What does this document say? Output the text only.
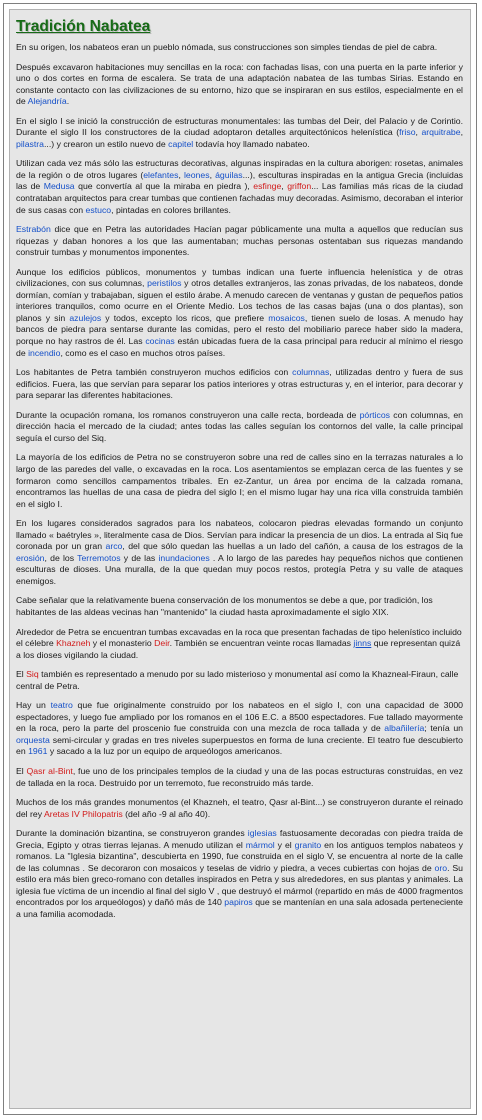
Tradición Nabatea

En su origen, los nabateos eran un pueblo nómada, sus construcciones son simples tiendas de piel de cabra.

Después excavaron habitaciones muy sencillas en la roca: con fachadas lisas, con una puerta en la parte inferior y uno o dos cortes en forma de escalera. Se trata de una adaptación nabatea de las tumbas Sirias. Estando en constante contacto con las civilizaciones de su entorno, hizo que se inspiraran en sus estilos, especialmente en el de Alejandría.

En el siglo I se inició la construcción de estructuras monumentales: las tumbas del Deir, del Palacio y de Corintio. Durante el siglo II los constructores de la ciudad adoptaron detalles arquitectónicos helenística (friso, arquitrabe, pilastra...) y crearon un estilo nuevo de capitel todavía hoy llamado nabateo.

Utilizan cada vez más sólo las estructuras decorativas, algunas inspiradas en la cultura aborigen: rosetas, animales de la región o de otros lugares (elefantes, leones, águilas...), esculturas inspiradas en la antigua Grecia (incluidas las de Medusa que convertía al que la miraba en piedra ), esfinge, griffon... Las familias más ricas de la ciudad contrataban arquitectos para crear tumbas que contienen fachadas muy decoradas. Asimismo, decoraban el interior de sus casas con estuco, pintadas en colores brillantes.

Estrabón dice que en Petra las autoridades Hacían pagar públicamente una multa a aquellos que reducían sus riquezas y daban honores a los que las aumentaban; muchas personas ostentaban sus riquezas mandando construir tumbas y monumentos imponentes.

Aunque los edificios públicos, monumentos y tumbas indican una fuerte influencia helenística y de otras civilizaciones, con sus columnas, peristilos y otros detalles extranjeros, las zonas privadas, de los nabateos, donde dormían, comían y trabajaban, siguen el estilo árabe. A menudo carecen de ventanas y gustan de pequeños patios interiores tranquilos, como ocurre en el Oriente Medio. Los techos de las casas bajas (una o dos plantas), son planos y sin azulejos y todos, excepto los ricos, que prefiere mosaicos, tienen suelo de losas. A menudo hay bancos de piedra para sentarse durante las comidas, pero el resto del mobiliario parece haber sido la madera, porque no hay rastros de él. Las cocinas están ubicadas fuera de la casa principal para reducir al mínimo el riesgo de incendio, como es el caso en muchos otros países.

Los habitantes de Petra también construyeron muchos edificios con columnas, utilizadas dentro y fuera de sus edificios. Fuera, las que servían para separar los patios interiores y otras estructuras y, en el interior, para decorar y para separar las diferentes habitaciones.

Durante la ocupación romana, los romanos construyeron una calle recta, bordeada de pórticos con columnas, en dirección hacia el mercado de la ciudad; antes todas las calles seguían los contornos del valle, la calle principal seguía el curso del Siq.

La mayoría de los edificios de Petra no se construyeron sobre una red de calles sino en la terrazas naturales a lo largo de las paredes del valle, o excavadas en la roca. Los asentamientos se emplazan cerca de las fuentes y se formaron como sencillos campamentos tribales. En ez-Zantur, un área por encima de la calzada romana, encontramos las huellas de una casa de piedra del siglo I; en el mismo lugar hay una rica villa construida también en el siglo I.

En los lugares considerados sagrados para los nabateos, colocaron piedras elevadas formando un conjunto llamado « baétryles », literalmente casa de Dios. Servían para indicar la presencia de un dios. La entrada al Siq fue coronada por un gran arco, del que sólo quedan las huellas a un lado del cañón, a causa de los estragos de la erosión, de los Terremotos y de las inundaciones . A lo largo de las paredes hay pequeños nichos que contienen esculturas de dioses. Una muralla, de la que quedan muy pocos restos, protegía Petra y su valle de ataques enemigos.

Cabe señalar que la relativamente buena conservación de los monumentos se debe a que, por tradición, los habitantes de las aldeas vecinas han "mantenido" la ciudad hasta aproximadamente el siglo XIX.

Alrededor de Petra se encuentran tumbas excavadas en la roca que presentan fachadas de tipo helenístico incluido el célebre Khazneh y el monasterio Deir. También se encuentran veinte rocas llamadas jinns que representan quizá a los dioses vigilando la ciudad.

El Siq también es representado a menudo por su lado misterioso y monumental así como la Khazneal-Firaun, calle central de Petra.

Hay un teatro que fue originalmente construido por los nabateos en el siglo I, con una capacidad de 3000 espectadores, y luego fue ampliado por los romanos en el 106 E.C. a 8500 espectadores. Fue tallado mayormente en la roca, pero la parte del proscenio fue construida con una mezcla de roca tallada y de albañilería; tenía un orquesta semi-circular y gradas en tres niveles superpuestos en forma de luna creciente. El teatro fue descubierto en 1961 y sacado a la luz por un equipo de arqueólogos americanos.

El Qasr al-Bint, fue uno de los principales templos de la ciudad y una de las pocas estructuras construidas, en vez de tallada en la roca. Destruido por un terremoto, fue reconstruido más tarde.

Muchos de los más grandes monumentos (el Khazneh, el teatro, Qasr al-Bint...) se construyeron durante el reinado del rey Aretas IV Philopatris (del año -9 al año 40).

Durante la dominación bizantina, se construyeron grandes iglesias fastuosamente decoradas con piedra traída de Grecia, Egipto y otras tierras lejanas. A menudo utilizan el mármol y el granito en los antiguos templos nabateos y romanos. La "Iglesia bizantina", descubierta en 1990, fue construida en el siglo V, se encuentra al norte de la calle de las columnas . Se decoraron con mosaicos y teselas de vidrio y piedra, a veces cubiertas con hojas de oro. Su estilo era más bien greco-romano con detalles inspirados en Petra y sus alrededores, en sus plantas y animales. La iglesia fue víctima de un incendio al final del siglo V , que destruyó el mármol (repartido en más de 4000 fragmentos encontrados por los arqueólogos) y dañó más de 140 papiros que se mantenían en una sala adosada perteneciente a una familia acomodada.
